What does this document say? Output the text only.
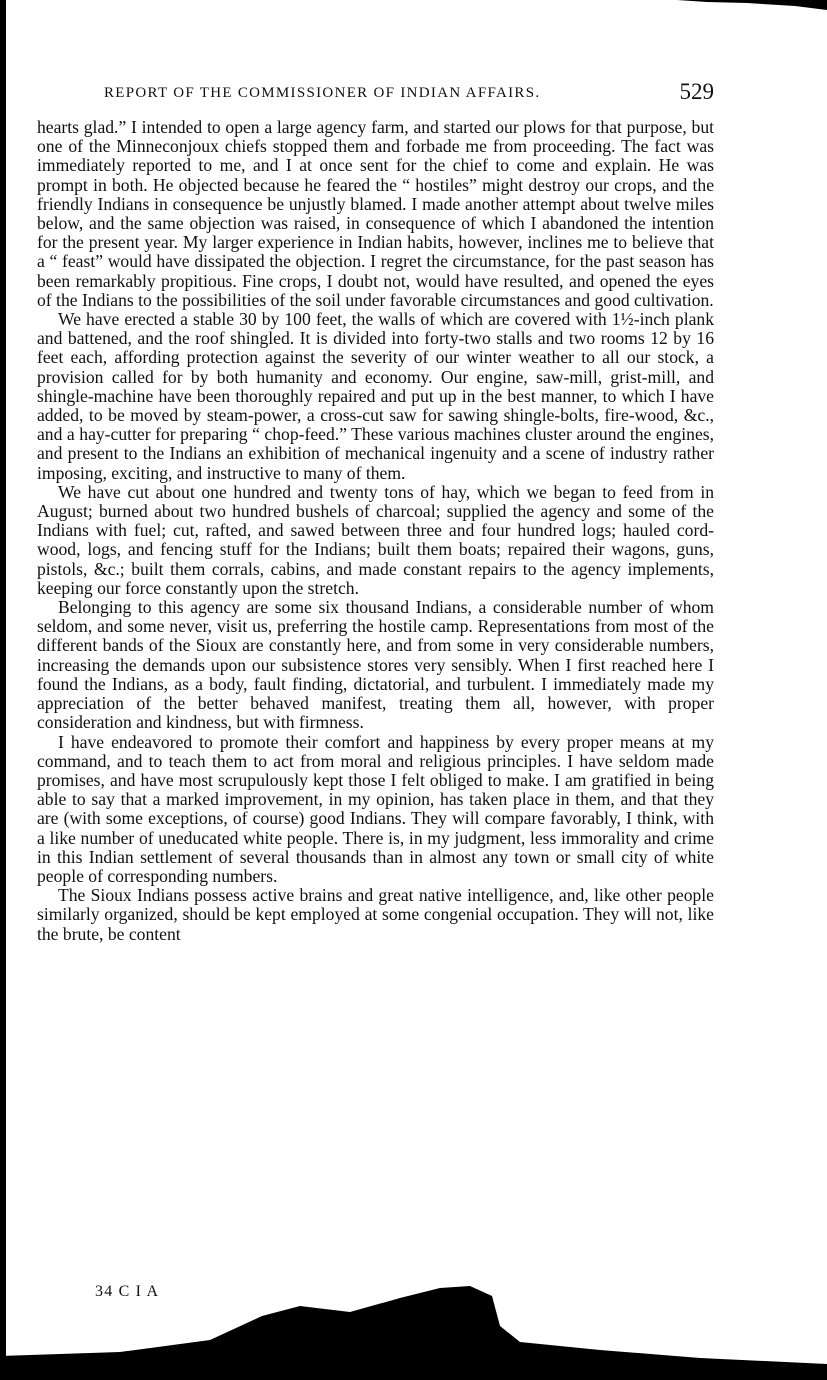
REPORT OF THE COMMISSIONER OF INDIAN AFFAIRS.	529

hearts glad.” I intended to open a large agency farm, and started our plows for that purpose, but one of the Minneconjoux chiefs stopped them and forbade me from proceeding. The fact was immediately reported to me, and I at once sent for the chief to come and explain. He was prompt in both. He objected because he feared the “ hostiles” might destroy our crops, and the friendly Indians in consequence be unjustly blamed. I made another attempt about twelve miles below, and the same objection was raised, in consequence of which I abandoned the intention for the present year. My larger experience in Indian habits, however, inclines me to believe that a “ feast” would have dissipated the objection. I regret the circumstance, for the past season has been remarkably propitious. Fine crops, I doubt not, would have resulted, and opened the eyes of the Indians to the possibilities of the soil under favorable circumstances and good cultivation.

We have erected a stable 30 by 100 feet, the walls of which are covered with 1½-inch plank and battened, and the roof shingled. It is divided into forty-two stalls and two rooms 12 by 16 feet each, affording protection against the severity of our winter weather to all our stock, a provision called for by both humanity and economy. Our engine, saw-mill, grist-mill, and shingle-machine have been thoroughly repaired and put up in the best manner, to which I have added, to be moved by steam-power, a cross-cut saw for sawing shingle-bolts, fire-wood, &c., and a hay-cutter for preparing “ chop-feed.” These various machines cluster around the engines, and present to the Indians an exhibition of mechanical ingenuity and a scene of industry rather imposing, exciting, and instructive to many of them.

We have cut about one hundred and twenty tons of hay, which we began to feed from in August; burned about two hundred bushels of charcoal; supplied the agency and some of the Indians with fuel; cut, rafted, and sawed between three and four hundred logs; hauled cord-wood, logs, and fencing stuff for the Indians; built them boats; repaired their wagons, guns, pistols, &c.; built them corrals, cabins, and made constant repairs to the agency implements, keeping our force constantly upon the stretch.

Belonging to this agency are some six thousand Indians, a considerable number of whom seldom, and some never, visit us, preferring the hostile camp. Representations from most of the different bands of the Sioux are constantly here, and from some in very considerable numbers, increasing the demands upon our subsistence stores very sensibly. When I first reached here I found the Indians, as a body, fault finding, dictatorial, and turbulent. I immediately made my appreciation of the better behaved manifest, treating them all, however, with proper consideration and kindness, but with firmness.

I have endeavored to promote their comfort and happiness by every proper means at my command, and to teach them to act from moral and religious principles. I have seldom made promises, and have most scrupulously kept those I felt obliged to make. I am gratified in being able to say that a marked improvement, in my opinion, has taken place in them, and that they are (with some exceptions, of course) good Indians. They will compare favorably, I think, with a like number of uneducated white people. There is, in my judgment, less immorality and crime in this Indian settlement of several thousands than in almost any town or small city of white people of corresponding numbers.

The Sioux Indians possess active brains and great native intelligence, and, like other people similarly organized, should be kept employed at some congenial occupation. They will not, like the brute, be content

34 C I A
